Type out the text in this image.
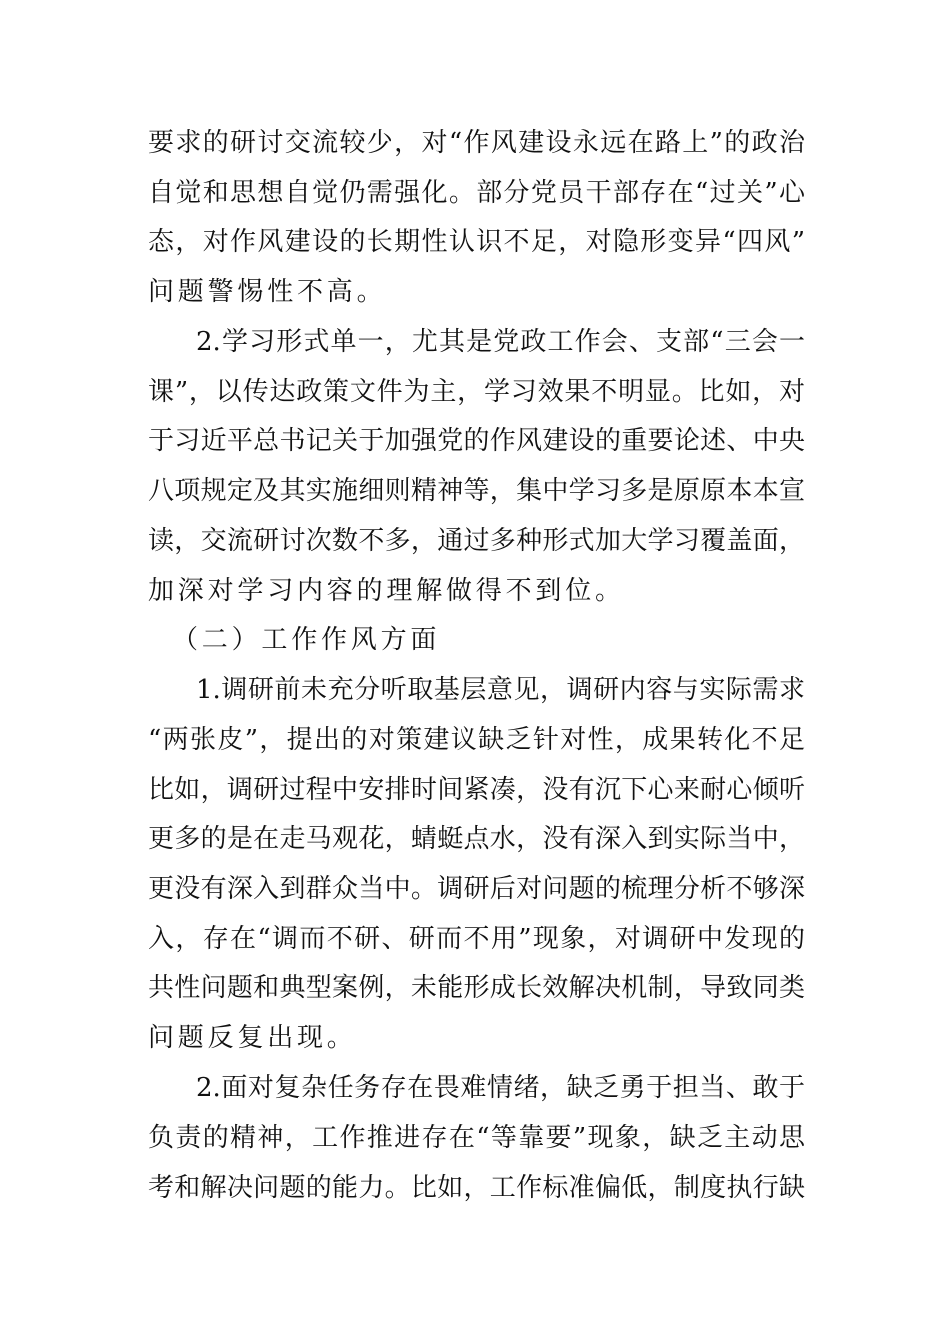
要求的研讨交流较少，对“作风建设永远在路上”的政治
自觉和思想自觉仍需强化。部分党员干部存在“过关”心
态，对作风建设的长期性认识不足，对隐形变异“四风”
问题警惕性不高。
2.学习形式单一，尤其是党政工作会、支部“三会一
课”，以传达政策文件为主，学习效果不明显。比如，对
于习近平总书记关于加强党的作风建设的重要论述、中央
八项规定及其实施细则精神等，集中学习多是原原本本宣
读，交流研讨次数不多，通过多种形式加大学习覆盖面，
加深对学习内容的理解做得不到位。
（二）工作作风方面
1.调研前未充分听取基层意见，调研内容与实际需求
“两张皮”，提出的对策建议缺乏针对性，成果转化不足
比如，调研过程中安排时间紧凑，没有沉下心来耐心倾听
更多的是在走马观花，蜻蜓点水，没有深入到实际当中，
更没有深入到群众当中。调研后对问题的梳理分析不够深
入，存在“调而不研、研而不用”现象，对调研中发现的
共性问题和典型案例，未能形成长效解决机制，导致同类
问题反复出现。
2.面对复杂任务存在畏难情绪，缺乏勇于担当、敢于
负责的精神，工作推进存在“等靠要”现象，缺乏主动思
考和解决问题的能力。比如，工作标准偏低，制度执行缺
